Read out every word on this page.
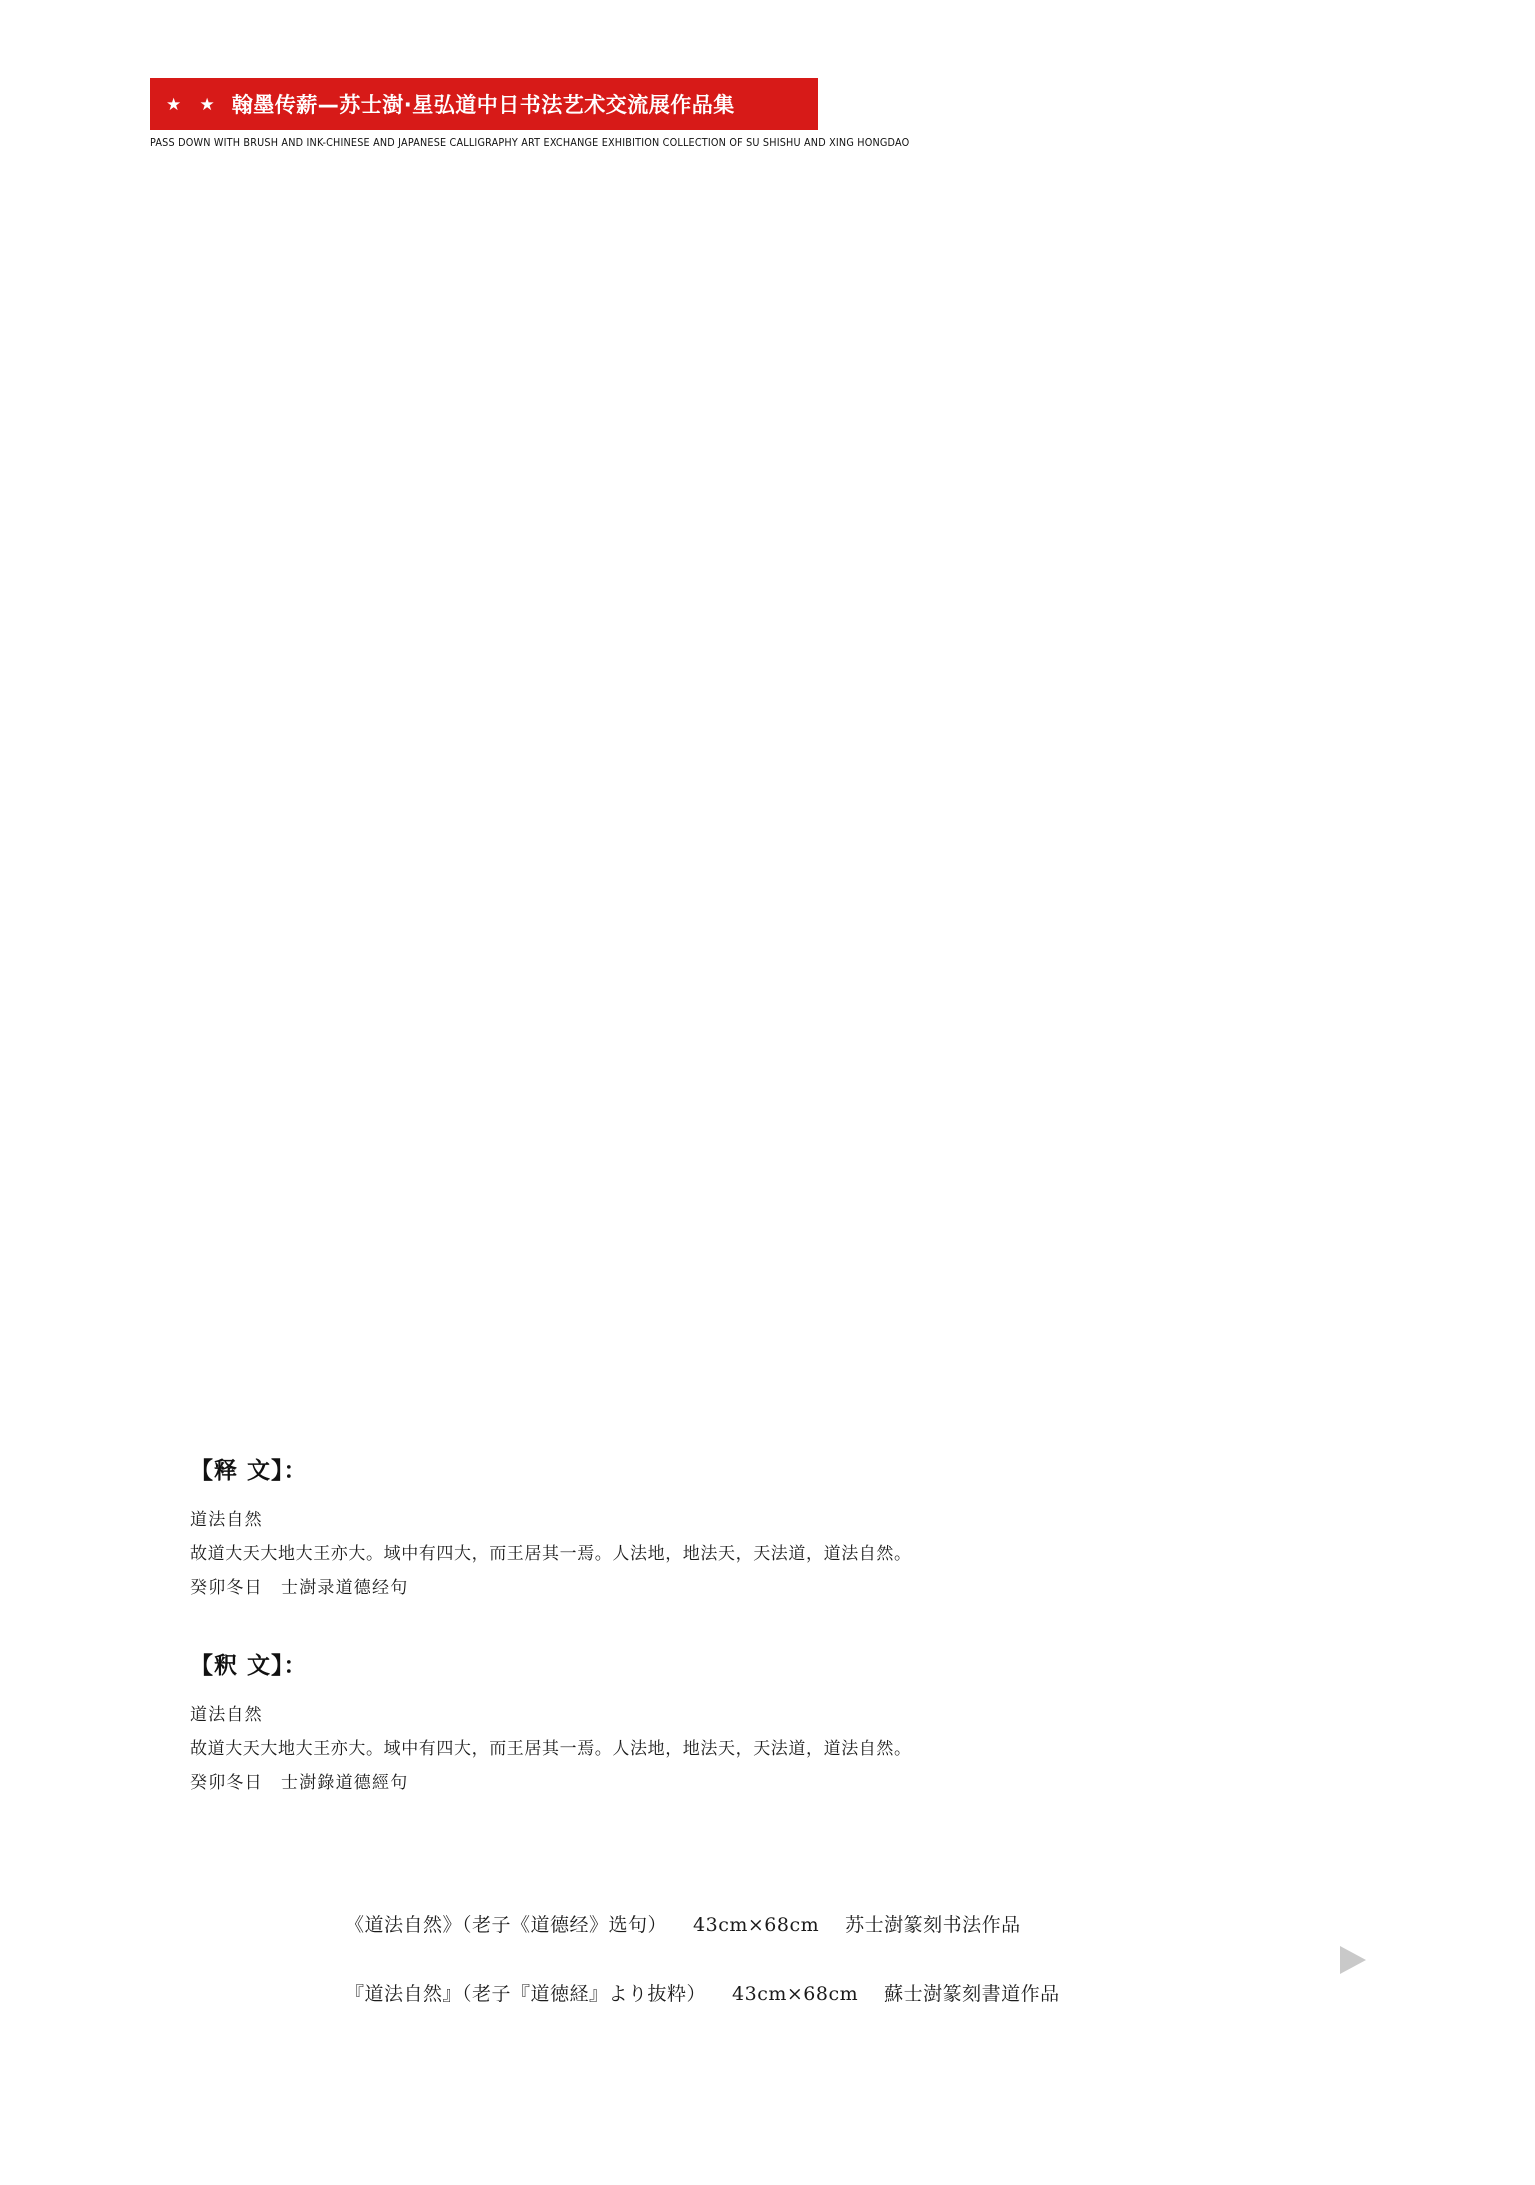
★ ★ 翰墨传薪—苏士澍·星弘道中日书法艺术交流展作品集
PASS DOWN WITH BRUSH AND INK-CHINESE AND JAPANESE CALLIGRAPHY ART EXCHANGE EXHIBITION COLLECTION OF SU SHISHU AND XING HONGDAO
【释 文】：
道法自然
故道大天大地大王亦大。域中有四大，而王居其一焉。人法地，地法天，天法道，道法自然。
癸卯冬日　士澍录道德经句
【釈 文】：
道法自然
故道大天大地大王亦大。域中有四大，而王居其一焉。人法地，地法天，天法道，道法自然。
癸卯冬日　士澍錄道德經句
《道法自然》（老子《道德经》选句） 43cm×68cm 苏士澍篆刻书法作品
『道法自然』（老子『道徳経』より抜粋） 43cm×68cm 蘇士澍篆刻書道作品
